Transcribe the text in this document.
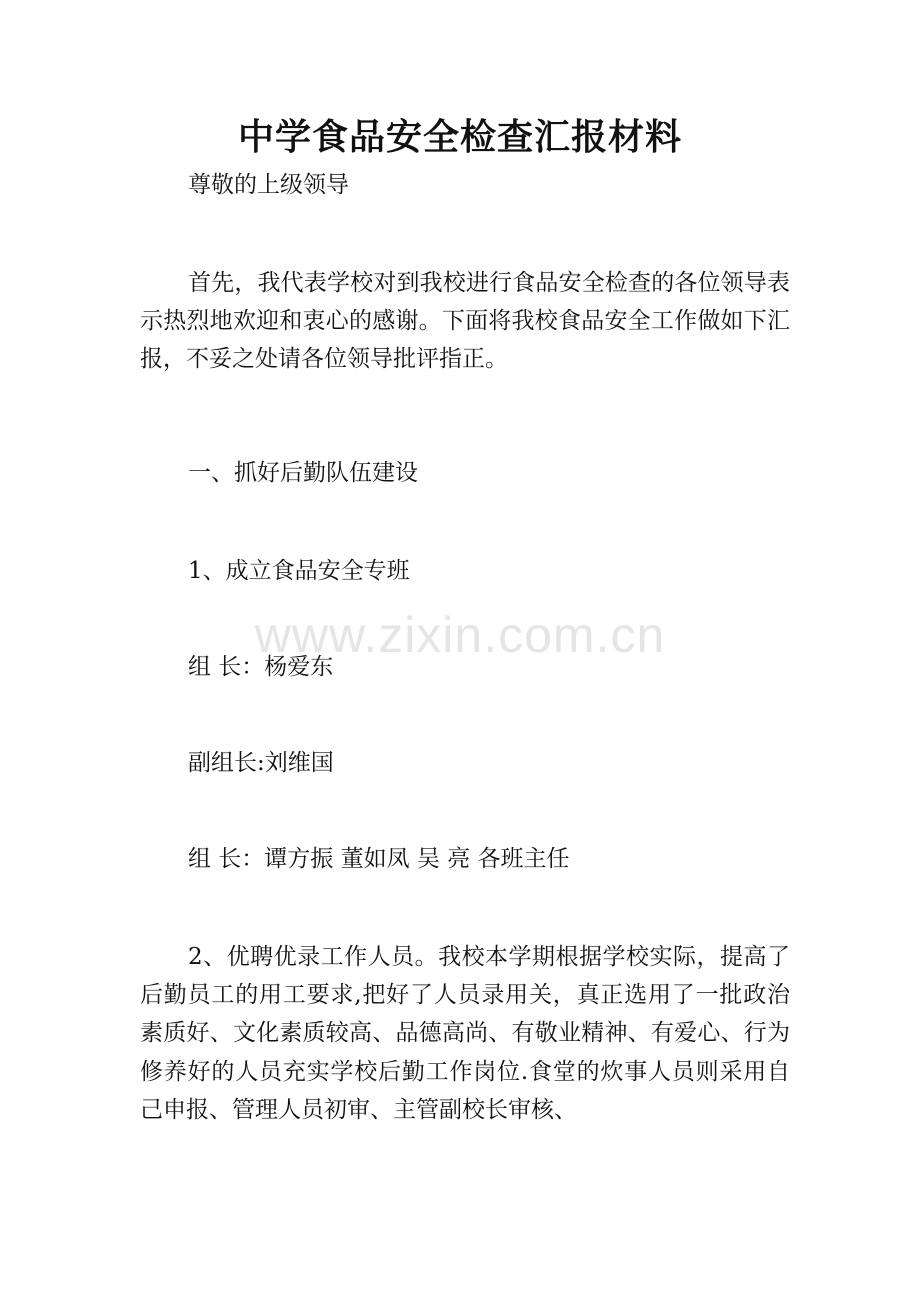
中学食品安全检查汇报材料
尊敬的上级领导
首先，我代表学校对到我校进行食品安全检查的各位领导表示热烈地欢迎和衷心的感谢。下面将我校食品安全工作做如下汇报，不妥之处请各位领导批评指正。
一、抓好后勤队伍建设
1、成立食品安全专班
www.zixin.com.cn
组 长：杨爱东
副组长:刘维国
组 长：谭方振 董如凤 吴 亮 各班主任
2、优聘优录工作人员。我校本学期根据学校实际，提高了后勤员工的用工要求,把好了人员录用关，真正选用了一批政治素质好、文化素质较高、品德高尚、有敬业精神、有爱心、行为修养好的人员充实学校后勤工作岗位.食堂的炊事人员则采用自己申报、管理人员初审、主管副校长审核、
